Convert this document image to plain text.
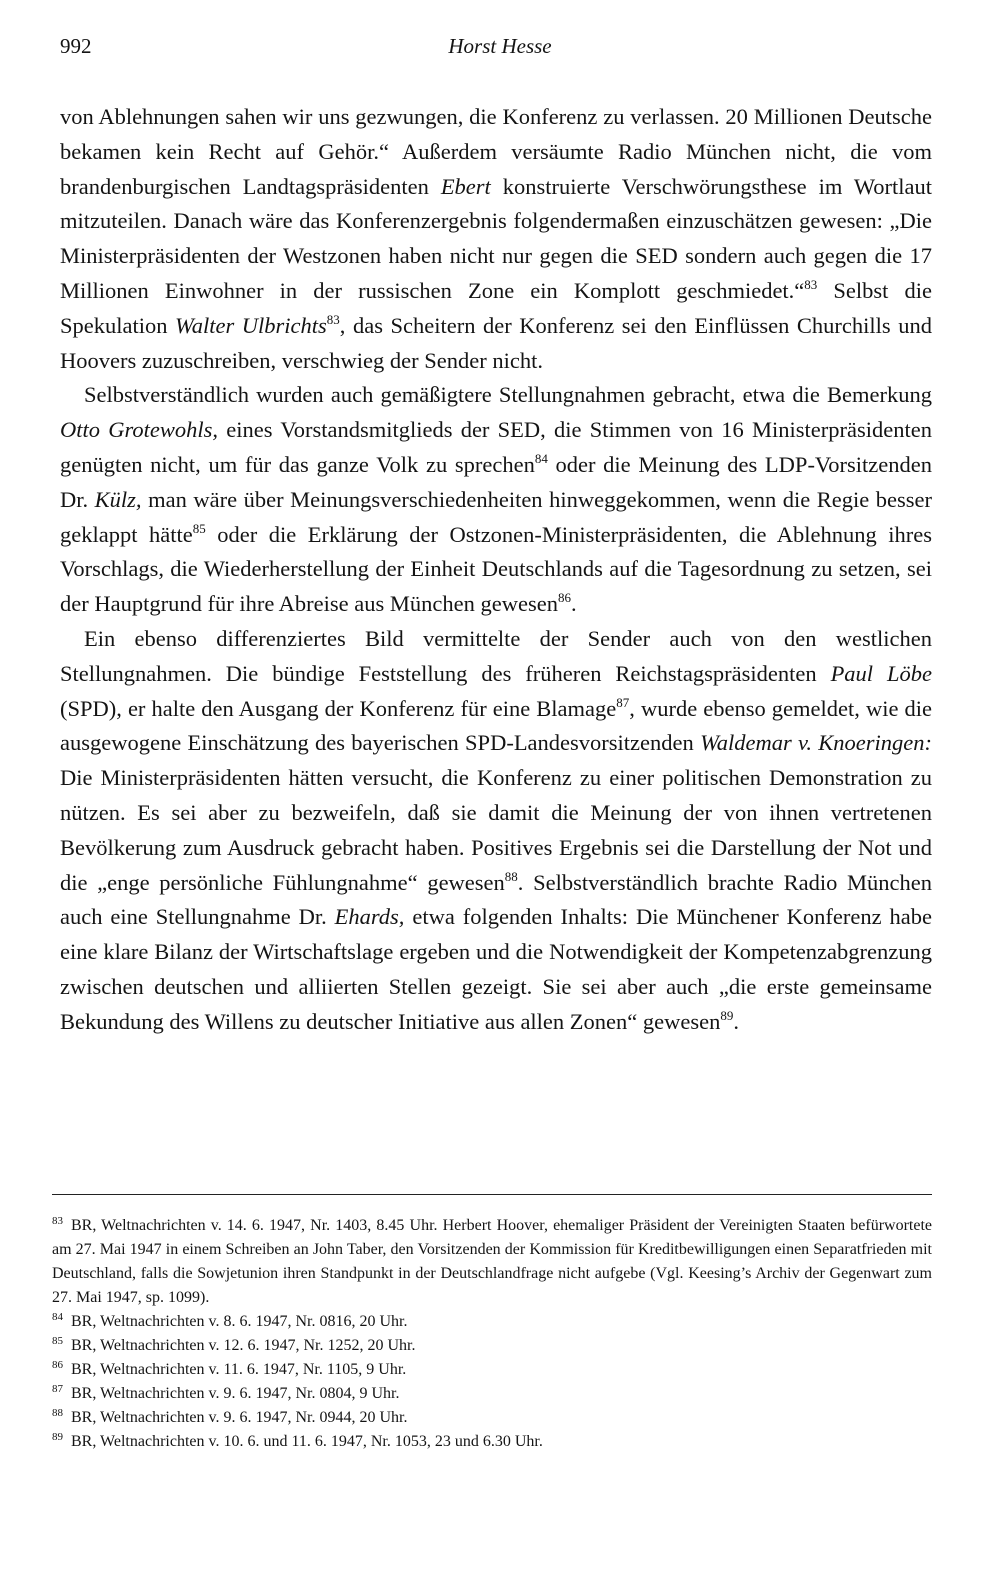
992	Horst Hesse

von Ablehnungen sahen wir uns gezwungen, die Konferenz zu verlassen. 20 Millionen Deutsche bekamen kein Recht auf Gehör.“ Außerdem versäumte Radio München nicht, die vom brandenburgischen Landtagspräsidenten Ebert konstruierte Verschwörungsthese im Wortlaut mitzuteilen. Danach wäre das Konferenzergebnis folgendermaßen einzuschätzen gewesen: „Die Ministerpräsidenten der Westzonen haben nicht nur gegen die SED sondern auch gegen die 17 Millionen Einwohner in der russischen Zone ein Komplott geschmiedet.“$^{83}$ Selbst die Spekulation Walter Ulbrichts$^{83}$, das Scheitern der Konferenz sei den Einflüssen Churchills und Hoovers zuzuschreiben, verschwieg der Sender nicht.

Selbstverständlich wurden auch gemäßigtere Stellungnahmen gebracht, etwa die Bemerkung Otto Grotewohls, eines Vorstandsmitglieds der SED, die Stimmen von 16 Ministerpräsidenten genügten nicht, um für das ganze Volk zu sprechen$^{84}$ oder die Meinung des LDP-Vorsitzenden Dr. Külz, man wäre über Meinungsverschiedenheiten hinweggekommen, wenn die Regie besser geklappt hätte$^{85}$ oder die Erklärung der Ostzonen-Ministerpräsidenten, die Ablehnung ihres Vorschlags, die Wiederherstellung der Einheit Deutschlands auf die Tagesordnung zu setzen, sei der Hauptgrund für ihre Abreise aus München gewesen$^{86}$.

Ein ebenso differenziertes Bild vermittelte der Sender auch von den westlichen Stellungnahmen. Die bündige Feststellung des früheren Reichstagspräsidenten Paul Löbe (SPD), er halte den Ausgang der Konferenz für eine Blamage$^{87}$, wurde ebenso gemeldet, wie die ausgewogene Einschätzung des bayerischen SPD-Landesvorsitzenden Waldemar v. Knoeringen: Die Ministerpräsidenten hätten versucht, die Konferenz zu einer politischen Demonstration zu nützen. Es sei aber zu bezweifeln, daß sie damit die Meinung der von ihnen vertretenen Bevölkerung zum Ausdruck gebracht haben. Positives Ergebnis sei die Darstellung der Not und die „enge persönliche Fühlungnahme“ gewesen$^{88}$. Selbstverständlich brachte Radio München auch eine Stellungnahme Dr. Ehards, etwa folgenden Inhalts: Die Münchener Konferenz habe eine klare Bilanz der Wirtschaftslage ergeben und die Notwendigkeit der Kompetenzabgrenzung zwischen deutschen und alliierten Stellen gezeigt. Sie sei aber auch „die erste gemeinsame Bekundung des Willens zu deutscher Initiative aus allen Zonen“ gewesen$^{89}$.

$^{83}$ BR, Weltnachrichten v. 14. 6. 1947, Nr. 1403, 8.45 Uhr. Herbert Hoover, ehemaliger Präsident der Vereinigten Staaten befürwortete am 27. Mai 1947 in einem Schreiben an John Taber, den Vorsitzenden der Kommission für Kreditbewilligungen einen Separatfrieden mit Deutschland, falls die Sowjetunion ihren Standpunkt in der Deutschlandfrage nicht aufgebe (Vgl. Keesing’s Archiv der Gegenwart zum 27. Mai 1947, sp. 1099).

$^{84}$ BR, Weltnachrichten v. 8. 6. 1947, Nr. 0816, 20 Uhr.

$^{85}$ BR, Weltnachrichten v. 12. 6. 1947, Nr. 1252, 20 Uhr.

$^{86}$ BR, Weltnachrichten v. 11. 6. 1947, Nr. 1105, 9 Uhr.

$^{87}$ BR, Weltnachrichten v. 9. 6. 1947, Nr. 0804, 9 Uhr.

$^{88}$ BR, Weltnachrichten v. 9. 6. 1947, Nr. 0944, 20 Uhr.

$^{89}$ BR, Weltnachrichten v. 10. 6. und 11. 6. 1947, Nr. 1053, 23 und 6.30 Uhr.
